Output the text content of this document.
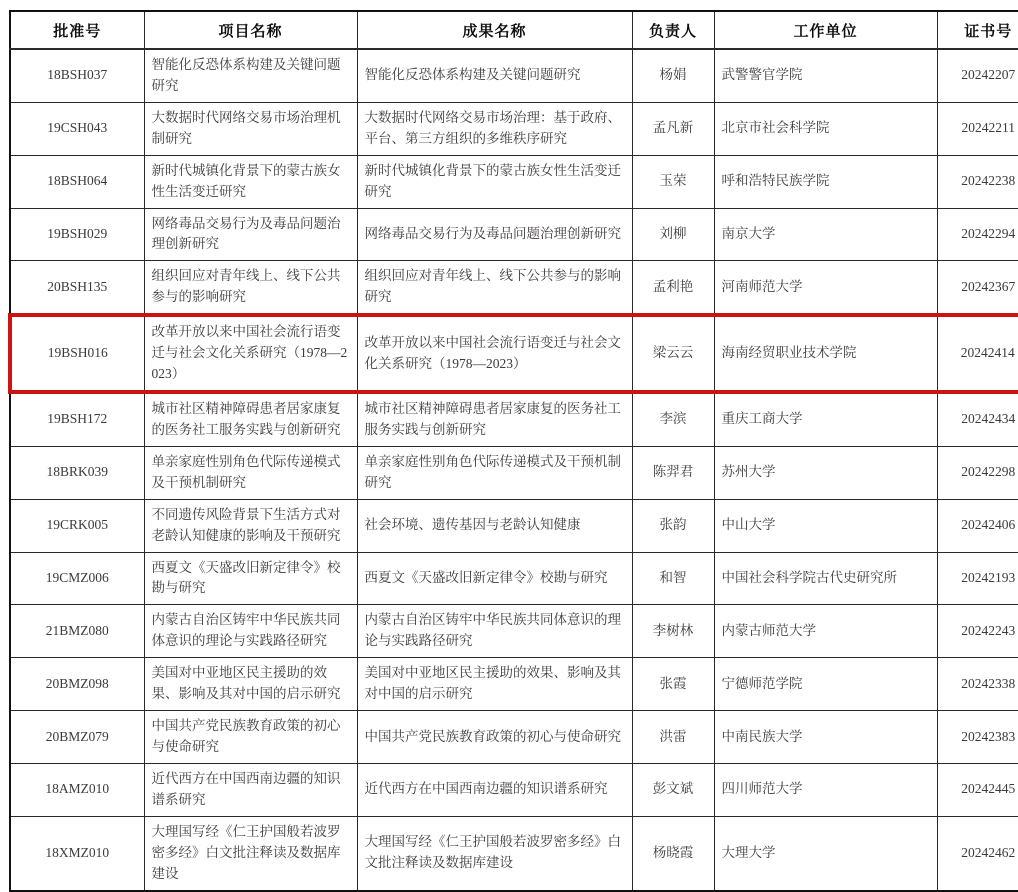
批准号	项目名称	成果名称	负责人	工作单位	证书号
18BSH037	智能化反恐体系构建及关键问题研究	智能化反恐体系构建及关键问题研究	杨娟	武警警官学院	20242207
19CSH043	大数据时代网络交易市场治理机制研究	大数据时代网络交易市场治理：基于政府、平台、第三方组织的多维秩序研究	孟凡新	北京市社会科学院	20242211
18BSH064	新时代城镇化背景下的蒙古族女性生活变迁研究	新时代城镇化背景下的蒙古族女性生活变迁研究	玉荣	呼和浩特民族学院	20242238
19BSH029	网络毒品交易行为及毒品问题治理创新研究	网络毒品交易行为及毒品问题治理创新研究	刘柳	南京大学	20242294
20BSH135	组织回应对青年线上、线下公共参与的影响研究	组织回应对青年线上、线下公共参与的影响研究	孟利艳	河南师范大学	20242367
19BSH016	改革开放以来中国社会流行语变迁与社会文化关系研究（1978—2023）	改革开放以来中国社会流行语变迁与社会文化关系研究（1978—2023）	梁云云	海南经贸职业技术学院	20242414
19BSH172	城市社区精神障碍患者居家康复的医务社工服务实践与创新研究	城市社区精神障碍患者居家康复的医务社工服务实践与创新研究	李滨	重庆工商大学	20242434
18BRK039	单亲家庭性别角色代际传递模式及干预机制研究	单亲家庭性别角色代际传递模式及干预机制研究	陈羿君	苏州大学	20242298
19CRK005	不同遗传风险背景下生活方式对老龄认知健康的影响及干预研究	社会环境、遗传基因与老龄认知健康	张韵	中山大学	20242406
19CMZ006	西夏文《天盛改旧新定律令》校勘与研究	西夏文《天盛改旧新定律令》校勘与研究	和智	中国社会科学院古代史研究所	20242193
21BMZ080	内蒙古自治区铸牢中华民族共同体意识的理论与实践路径研究	内蒙古自治区铸牢中华民族共同体意识的理论与实践路径研究	李树林	内蒙古师范大学	20242243
20BMZ098	美国对中亚地区民主援助的效果、影响及其对中国的启示研究	美国对中亚地区民主援助的效果、影响及其对中国的启示研究	张霞	宁德师范学院	20242338
20BMZ079	中国共产党民族教育政策的初心与使命研究	中国共产党民族教育政策的初心与使命研究	洪雷	中南民族大学	20242383
18AMZ010	近代西方在中国西南边疆的知识谱系研究	近代西方在中国西南边疆的知识谱系研究	彭文斌	四川师范大学	20242445
18XMZ010	大理国写经《仁王护国般若波罗密多经》白文批注释读及数据库建设	大理国写经《仁王护国般若波罗密多经》白文批注释读及数据库建设	杨晓霞	大理大学	20242462
